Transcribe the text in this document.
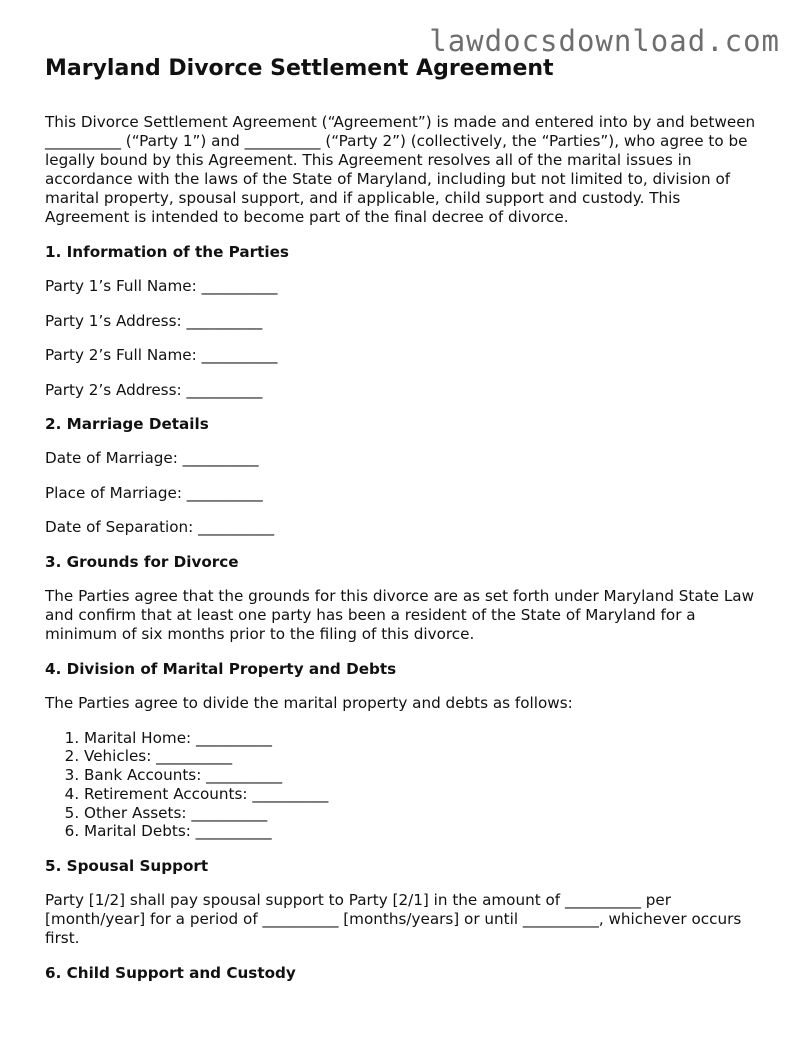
lawdocsdownload.com
Maryland Divorce Settlement Agreement

This Divorce Settlement Agreement (“Agreement”) is made and entered into by and between __________ (“Party 1”) and __________ (“Party 2”) (collectively, the “Parties”), who agree to be legally bound by this Agreement. This Agreement resolves all of the marital issues in accordance with the laws of the State of Maryland, including but not limited to, division of marital property, spousal support, and if applicable, child support and custody. This Agreement is intended to become part of the final decree of divorce.

1. Information of the Parties

Party 1’s Full Name: __________

Party 1’s Address: __________

Party 2’s Full Name: __________

Party 2’s Address: __________

2. Marriage Details

Date of Marriage: __________

Place of Marriage: __________

Date of Separation: __________

3. Grounds for Divorce

The Parties agree that the grounds for this divorce are as set forth under Maryland State Law and confirm that at least one party has been a resident of the State of Maryland for a minimum of six months prior to the filing of this divorce.

4. Division of Marital Property and Debts

The Parties agree to divide the marital property and debts as follows:

1. Marital Home: __________
2. Vehicles: __________
3. Bank Accounts: __________
4. Retirement Accounts: __________
5. Other Assets: __________
6. Marital Debts: __________
5. Spousal Support

Party [1/2] shall pay spousal support to Party [2/1] in the amount of __________ per [month/year] for a period of __________ [months/years] or until __________, whichever occurs first.

6. Child Support and Custody
